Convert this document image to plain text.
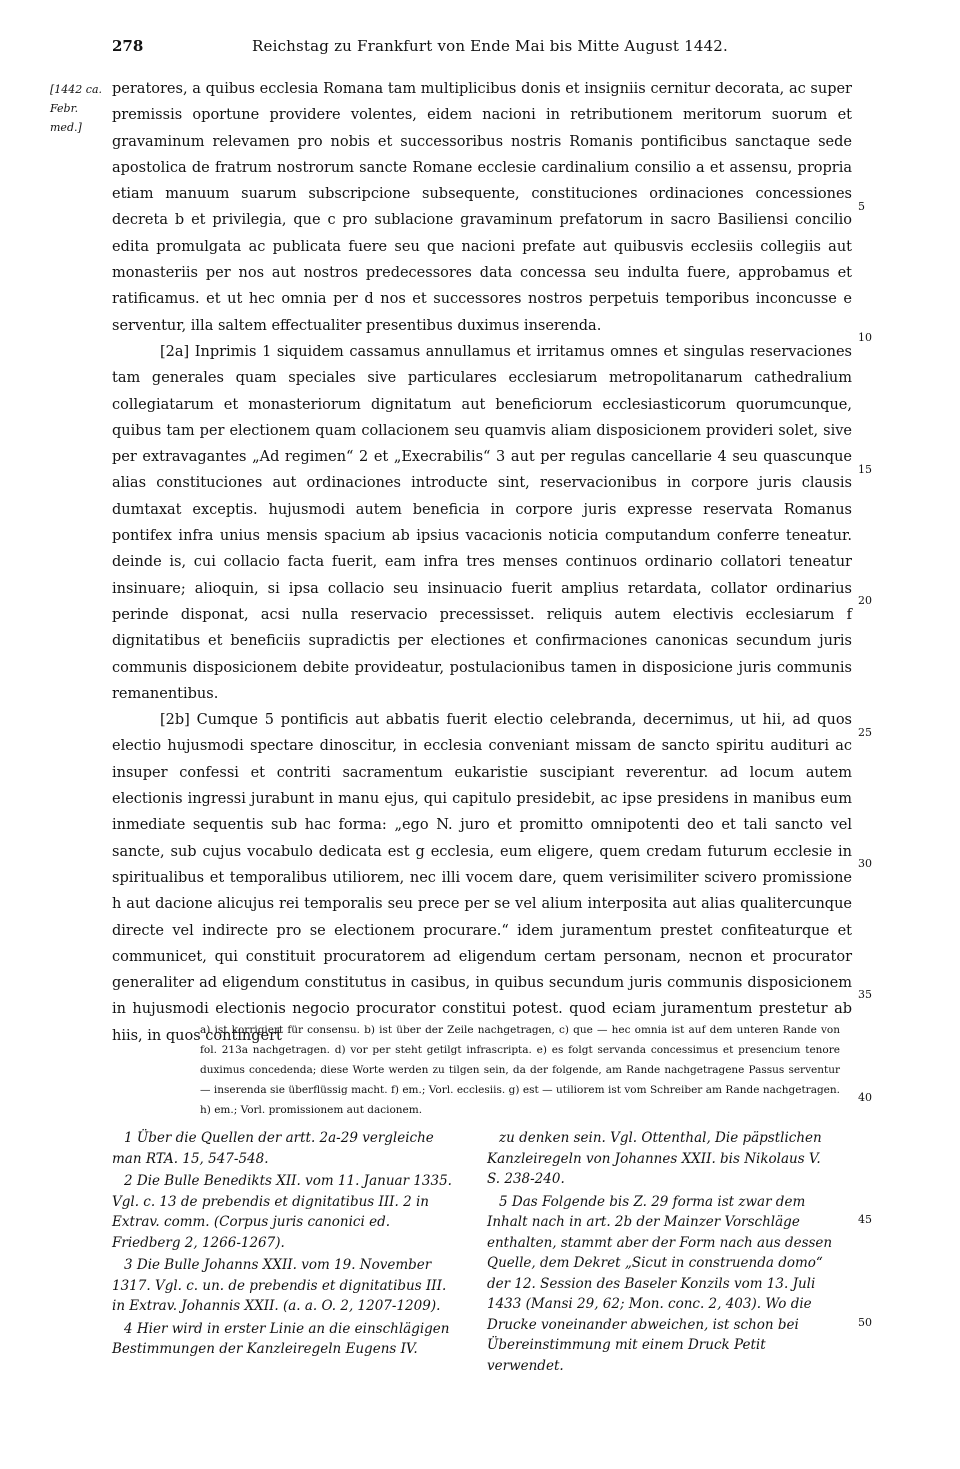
278	Reichstag zu Frankfurt von Ende Mai bis Mitte August 1442.
[1442 ca. Febr. med.]

peratores, a quibus ecclesia Romana tam multiplicibus donis et insigniis cernitur decorata, ac super premissis oportune providere volentes, eidem nacioni in retributionem meritorum suorum et gravaminum relevamen pro nobis et successoribus nostris Romanis pontificibus sanctaque sede apostolica de fratrum nostrorum sancte Romane ecclesie cardinalium consilio a et assensu, propria etiam manuum suarum subscripcione subsequente, constituciones ordinaciones concessiones decreta b et privilegia, que c pro sublacione gravaminum prefatorum in sacro Basiliensi concilio edita promulgata ac publicata fuere seu que nacioni prefate aut quibusvis ecclesiis collegiis aut monasteriis per nos aut nostros predecessores data concessa seu indulta fuere, approbamus et ratificamus. et ut hec omnia per d nos et successores nostros perpetuis temporibus inconcusse e serventur, illa saltem effectualiter presentibus duximus inserenda.

[2a] Inprimis 1 siquidem cassamus annullamus et irritamus omnes et singulas reservaciones tam generales quam speciales sive particulares ecclesiarum metropolitanarum cathedralium collegiatarum et monasteriorum dignitatum aut beneficiorum ecclesiasticorum quorumcunque, quibus tam per electionem quam collacionem seu quamvis aliam disposicionem provideri solet, sive per extravagantes „Ad regimen“ 2 et „Execrabilis“ 3 aut per regulas cancellarie 4 seu quascunque alias constituciones aut ordinaciones introducte sint, reservacionibus in corpore juris clausis dumtaxat exceptis. hujusmodi autem beneficia in corpore juris expresse reservata Romanus pontifex infra unius mensis spacium ab ipsius vacacionis noticia computandum conferre teneatur. deinde is, cui collacio facta fuerit, eam infra tres menses continuos ordinario collatori teneatur insinuare; alioquin, si ipsa collacio seu insinuacio fuerit amplius retardata, collator ordinarius perinde disponat, acsi nulla reservacio precessisset. reliquis autem electivis ecclesiarum f dignitatibus et beneficiis supradictis per electiones et confirmaciones canonicas secundum juris communis disposicionem debite provideatur, postulacionibus tamen in disposicione juris communis remanentibus.

[2b] Cumque 5 pontificis aut abbatis fuerit electio celebranda, decernimus, ut hii, ad quos electio hujusmodi spectare dinoscitur, in ecclesia conveniant missam de sancto spiritu audituri ac insuper confessi et contriti sacramentum eukaristie suscipiant reverentur. ad locum autem electionis ingressi jurabunt in manu ejus, qui capitulo presidebit, ac ipse presidens in manibus eum inmediate sequentis sub hac forma: „ego N. juro et promitto omnipotenti deo et tali sancto vel sancte, sub cujus vocabulo dedicata est g ecclesia, eum eligere, quem credam futurum ecclesie in spiritualibus et temporalibus utiliorem, nec illi vocem dare, quem verisimiliter scivero promissione h aut dacione alicujus rei temporalis seu prece per se vel alium interposita aut alias qualitercunque directe vel indirecte pro se electionem procurare.“ idem juramentum prestet confiteaturque et communicet, qui constituit procuratorem ad eligendum certam personam, necnon et procurator generaliter ad eligendum constitutus in casibus, in quibus secundum juris communis disposicionem in hujusmodi electionis negocio procurator constitui potest. quod eciam juramentum prestetur ab hiis, in quos contingert

5
10
15
20
25
30
35
40
45
50
a) ist korrigiert für consensu. b) ist über der Zeile nachgetragen, c) que — hec omnia ist auf dem unteren Rande von fol. 213a nachgetragen. d) vor per steht getilgt infrascripta. e) es folgt servanda concessimus et presencium tenore duximus concedenda; diese Worte werden zu tilgen sein, da der folgende, am Rande nachgetragene Passus serventur — inserenda sie überflüssig macht. f) em.; Vorl. ecclesiis. g) est — utiliorem ist vom Schreiber am Rande nachgetragen. h) em.; Vorl. promissionem aut dacionem.

1 Über die Quellen der artt. 2a-29 vergleiche man RTA. 15, 547-548.

2 Die Bulle Benedikts XII. vom 11. Januar 1335. Vgl. c. 13 de prebendis et dignitatibus III. 2 in Extrav. comm. (Corpus juris canonici ed. Friedberg 2, 1266-1267).

3 Die Bulle Johanns XXII. vom 19. November 1317. Vgl. c. un. de prebendis et dignitatibus III. in Extrav. Johannis XXII. (a. a. O. 2, 1207-1209).

4 Hier wird in erster Linie an die einschlägigen Bestimmungen der Kanzleiregeln Eugens IV.

zu denken sein. Vgl. Ottenthal, Die päpstlichen Kanzleiregeln von Johannes XXII. bis Nikolaus V. S. 238-240.

5 Das Folgende bis Z. 29 forma ist zwar dem Inhalt nach in art. 2b der Mainzer Vorschläge enthalten, stammt aber der Form nach aus dessen Quelle, dem Dekret „Sicut in construenda domo“ der 12. Session des Baseler Konzils vom 13. Juli 1433 (Mansi 29, 62; Mon. conc. 2, 403). Wo die Drucke voneinander abweichen, ist schon bei Übereinstimmung mit einem Druck Petit verwendet.
